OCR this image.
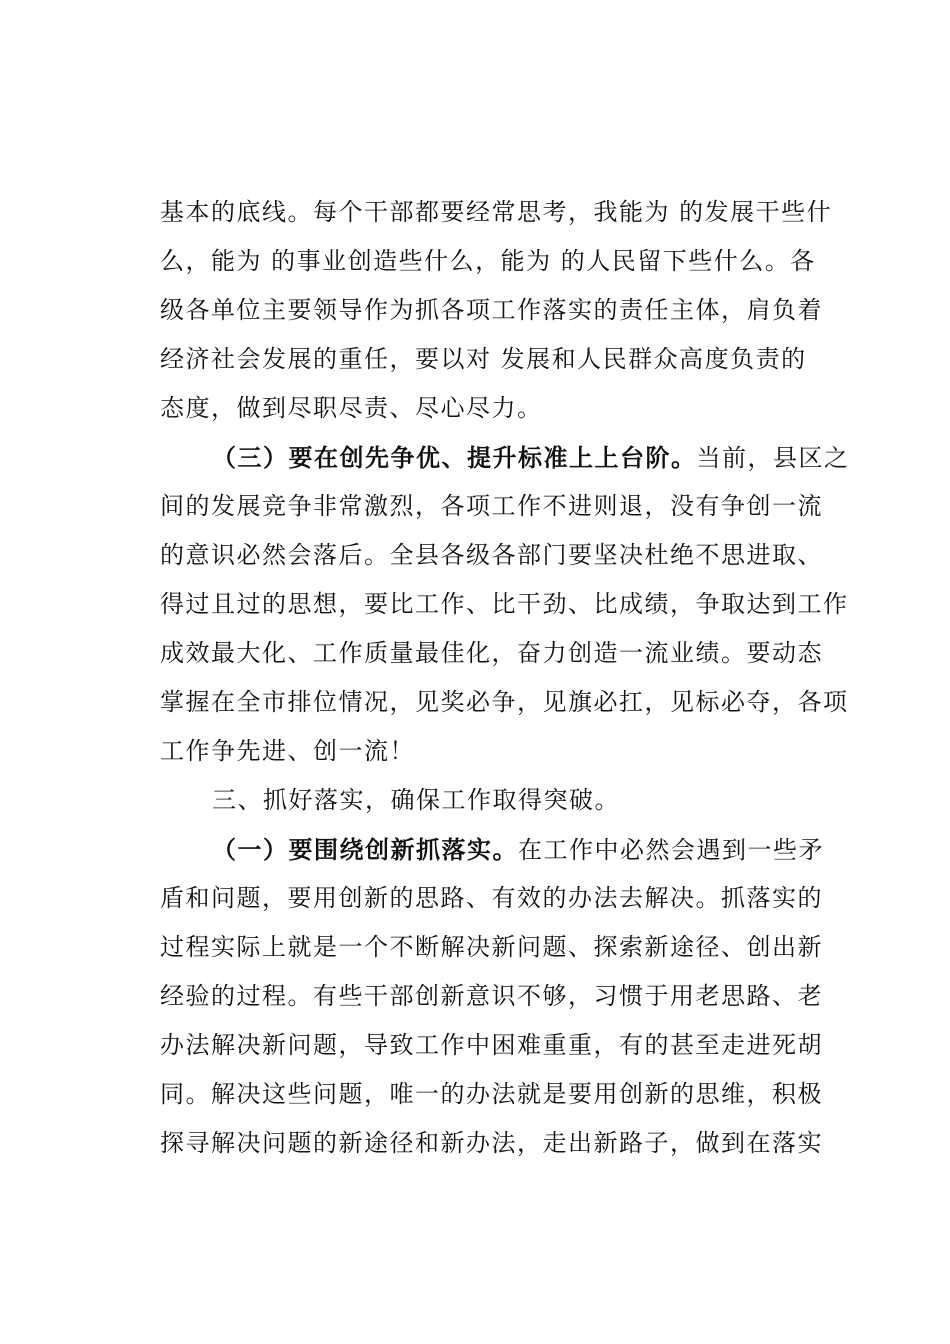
基本的底线。每个干部都要经常思考，我能为 的发展干些什
么，能为 的事业创造些什么，能为 的人民留下些什么。各
级各单位主要领导作为抓各项工作落实的责任主体，肩负着
经济社会发展的重任，要以对 发展和人民群众高度负责的
态度，做到尽职尽责、尽心尽力。
（三）要在创先争优、提升标准上上台阶。当前，县区之
间的发展竞争非常激烈，各项工作不进则退，没有争创一流
的意识必然会落后。全县各级各部门要坚决杜绝不思进取、
得过且过的思想，要比工作、比干劲、比成绩，争取达到工作
成效最大化、工作质量最佳化，奋力创造一流业绩。要动态
掌握在全市排位情况，见奖必争，见旗必扛，见标必夺，各项
工作争先进、创一流！
三、抓好落实，确保工作取得突破。
（一）要围绕创新抓落实。在工作中必然会遇到一些矛
盾和问题，要用创新的思路、有效的办法去解决。抓落实的
过程实际上就是一个不断解决新问题、探索新途径、创出新
经验的过程。有些干部创新意识不够，习惯于用老思路、老
办法解决新问题，导致工作中困难重重，有的甚至走进死胡
同。解决这些问题，唯一的办法就是要用创新的思维，积极
探寻解决问题的新途径和新办法，走出新路子，做到在落实
